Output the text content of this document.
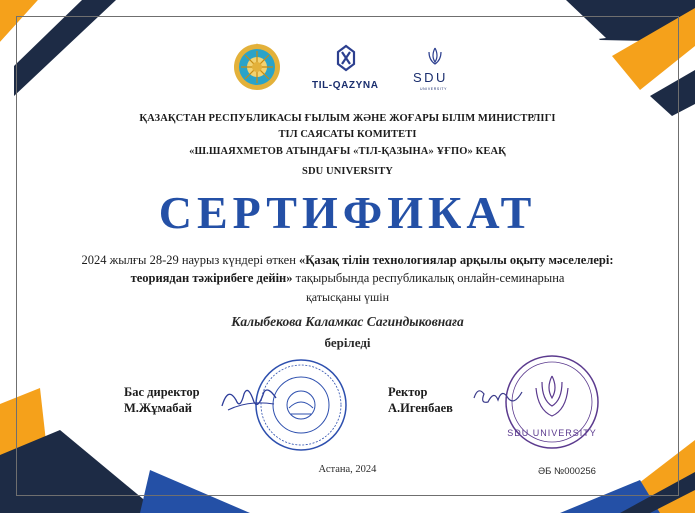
TIL-QAZYNA
SDU
UNIVERSITY
ҚАЗАҚСТАН РЕСПУБЛИКАСЫ ҒЫЛЫМ ЖӘНЕ ЖОҒАРЫ БІЛІМ МИНИСТРЛІГІ
ТІЛ САЯСАТЫ КОМИТЕТІ
«Ш.ШАЯХМЕТОВ АТЫНДАҒЫ «ТІЛ-ҚАЗЫНА» ҰҒПО» КЕАҚ
SDU UNIVERSITY
СЕРТИФИКАТ
2024 жылғы 28-29 наурыз күндері өткен «Қазақ тілін технологиялар арқылы оқыту мәселелері:
теориядан тәжірибеге дейін» тақырыбында республикалық онлайн-семинарына
қатысқаны үшін
Калыбекова Каламкас Сагиндыковнаға
беріледі
Бас директор
М.Жұмабай
Ректор
А.Игенбаев
SDU UNIVERSITY
Астана, 2024	ӘБ №000256
